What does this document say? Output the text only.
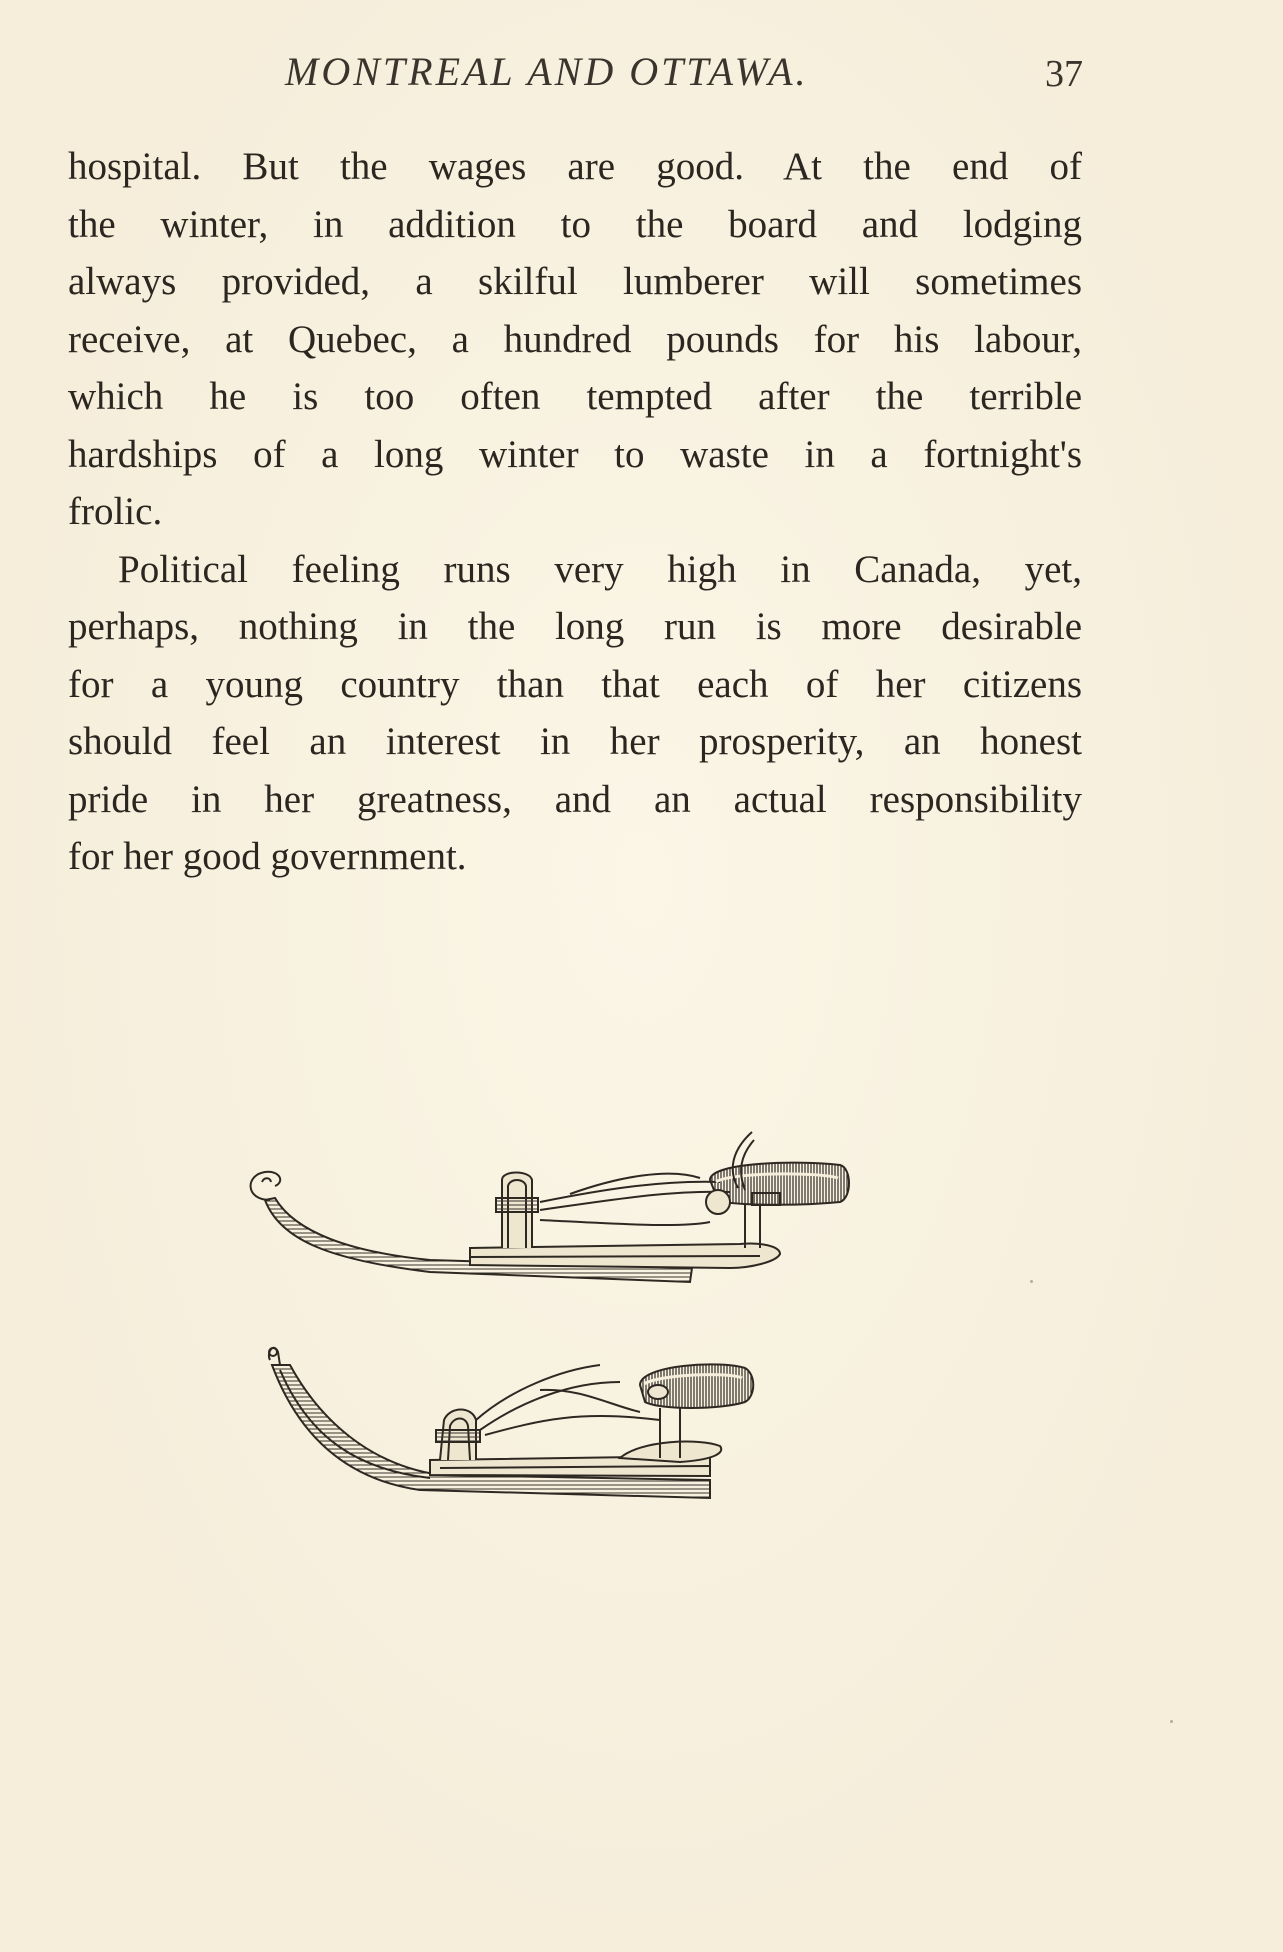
MONTREAL AND OTTAWA.	37

hospital. But the wages are good. At the end of
the winter, in addition to the board and lodging
always provided, a skilful lumberer will sometimes
receive, at Quebec, a hundred pounds for his labour,
which he is too often tempted after the terrible
hardships of a long winter to waste in a fortnight's
frolic.

Political feeling runs very high in Canada, yet,
perhaps, nothing in the long run is more desirable
for a young country than that each of her citizens
should feel an interest in her prosperity, an honest
pride in her greatness, and an actual responsibility
for her good government.
